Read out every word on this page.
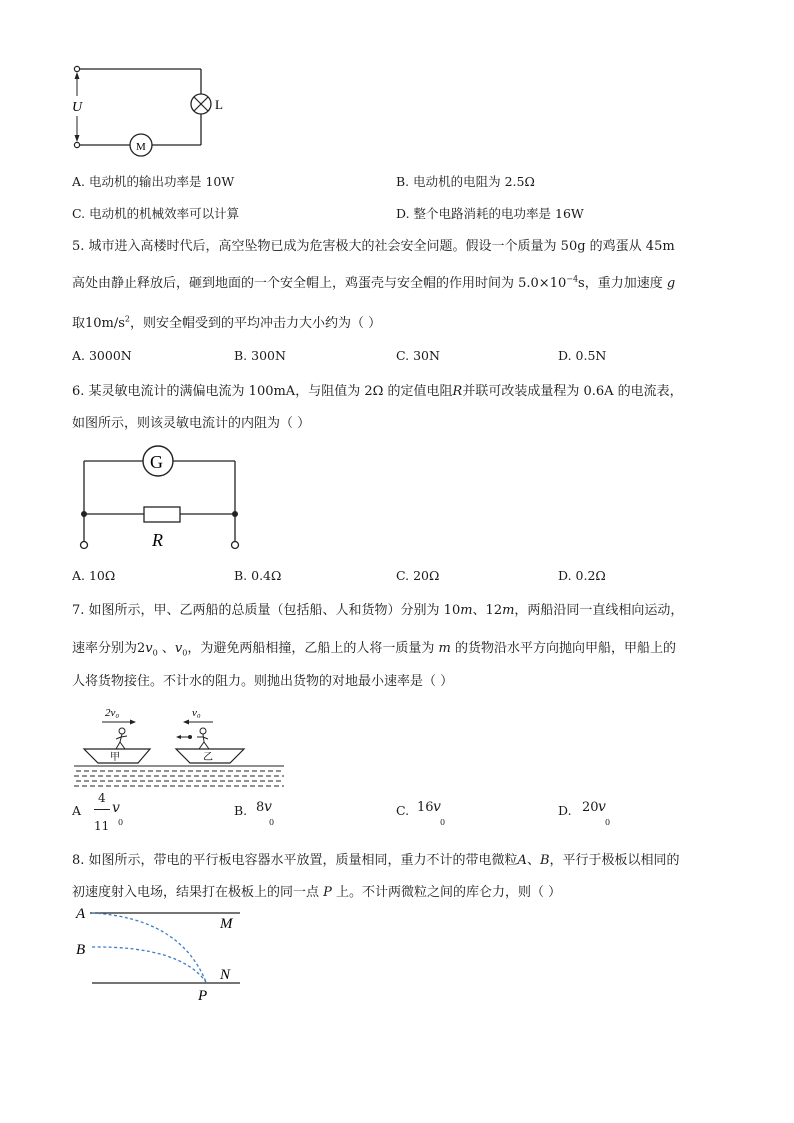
U	L
M
A. 电动机的输出功率是 10W	B. 电动机的电阻为 2.5Ω
C. 电动机的机械效率可以计算	D. 整个电路消耗的电功率是 16W
5. 城市进入高楼时代后，高空坠物已成为危害极大的社会安全问题。假设一个质量为 50g 的鸡蛋从 45m
高处由静止释放后，砸到地面的一个安全帽上，鸡蛋壳与安全帽的作用时间为 $5.0\times 10^{-4}s$，重力加速度 g
取$10m/s^2$，则安全帽受到的平均冲击力大小约为（ ）
A. 3000N	B. 300N	C. 30N	D. 0.5N
6. 某灵敏电流计的满偏电流为 100mA，与阻值为 2Ω 的定值电阻R并联可改装成量程为 0.6A 的电流表，
如图所示，则该灵敏电流计的内阻为（ ）
G
R
A. 10Ω	B. 0.4Ω	C. 20Ω	D. 0.2Ω
7. 如图所示，甲、乙两船的总质量（包括船、人和货物）分别为 10m、12m，两船沿同一直线相向运动，
速率分别为$2v_0$ 、$v_0$，为避免两船相撞，乙船上的人将一质量为 m 的货物沿水平方向抛向甲船，甲船上的
人将货物接住。不计水的阻力。则抛出货物的对地最小速率是（ ）
2v₀	v₀
甲	乙
A
4
11
v
0
B. 8 v
0
C. 16 v
0
D. 20 v
0
8. 如图所示，带电的平行板电容器水平放置，质量相同，重力不计的带电微粒A、B，平行于极板以相同的
初速度射入电场，结果打在极板上的同一点 P 上。不计两微粒之间的库仑力，则（ ）
A
M
B
N
P
